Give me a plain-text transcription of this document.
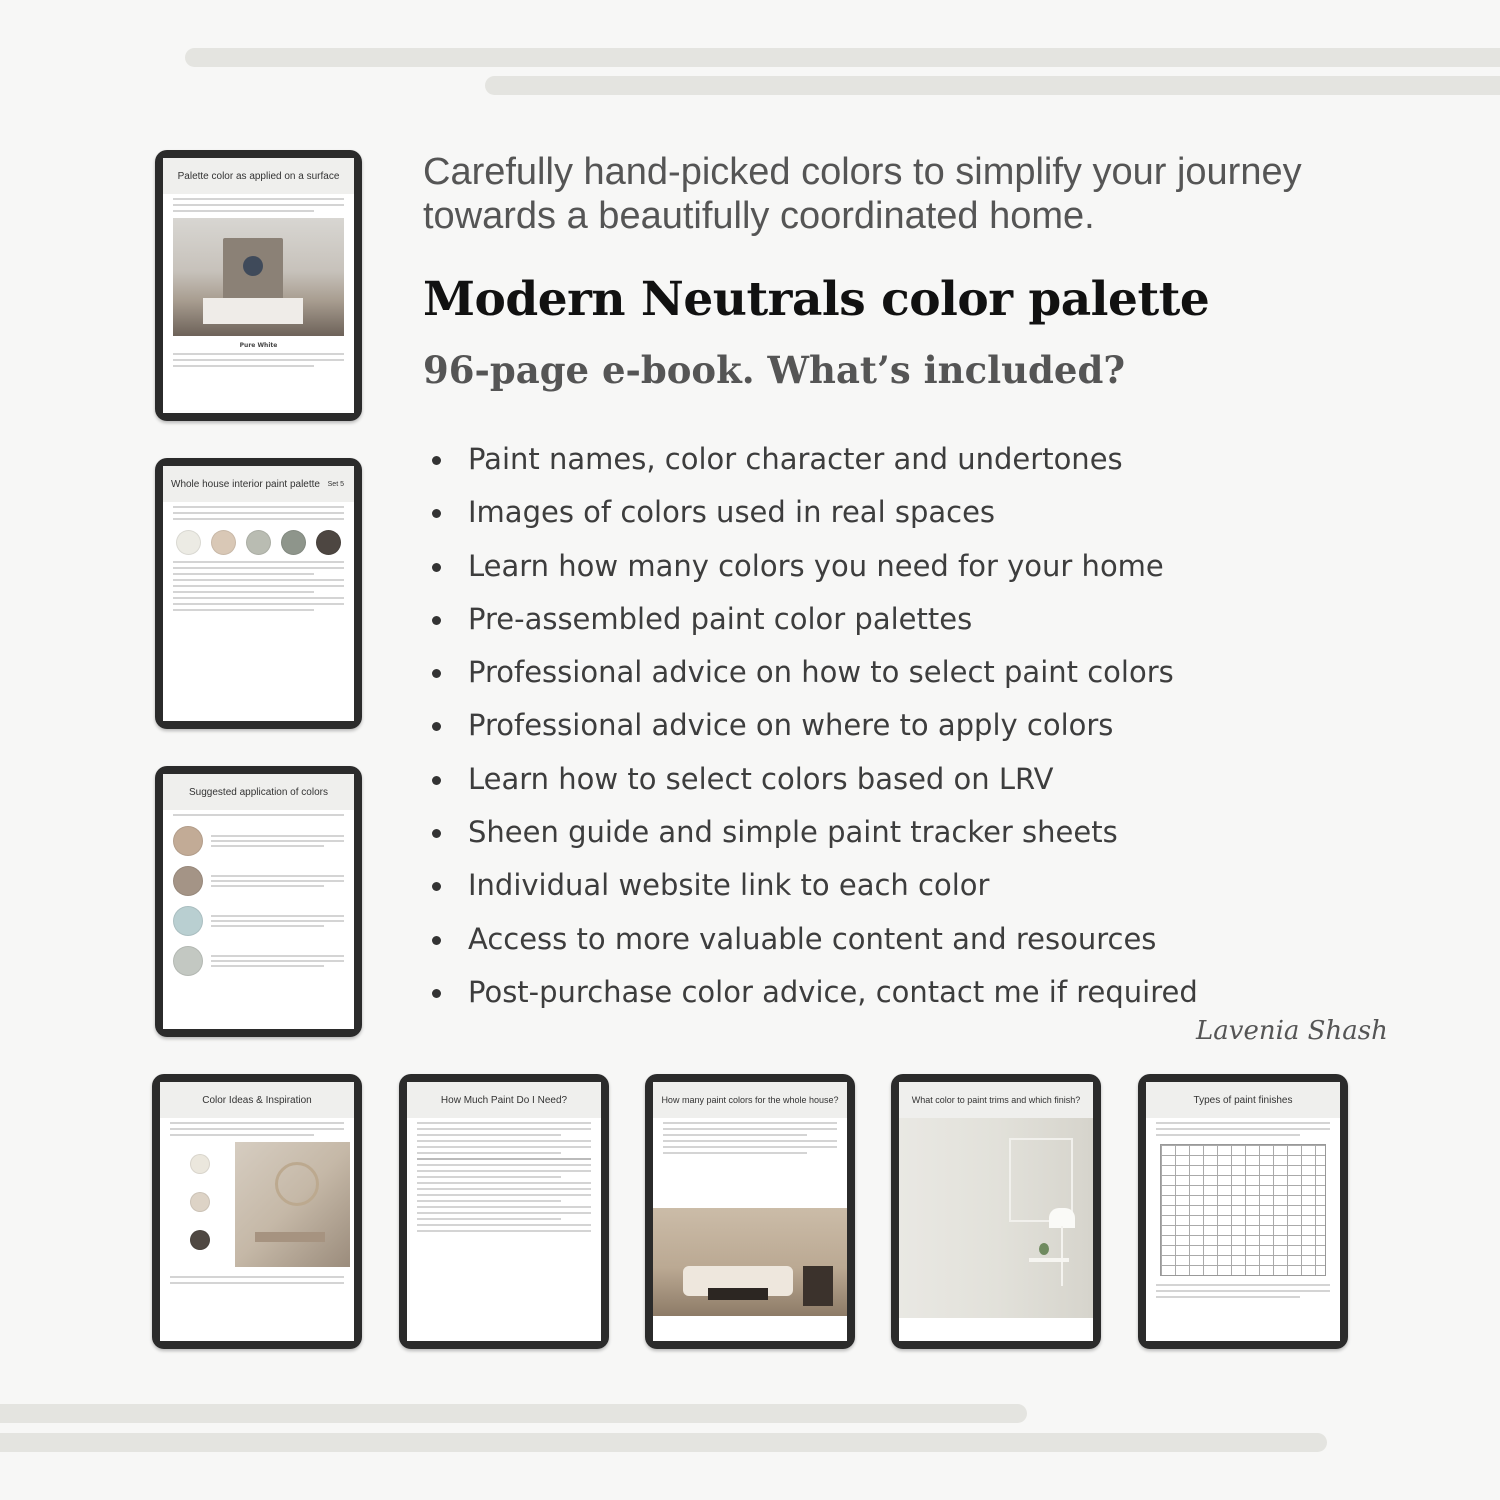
Palette color as applied on a surface
Pure White
Whole house interior paint palette Set 5
Suggested application of colors

Carefully hand-picked colors to simplify your journey towards a beautifully coordinated home.

Modern Neutrals color palette
96-page e-book. What’s included?
Paint names, color character and undertones
Images of colors used in real spaces
Learn how many colors you need for your home
Pre-assembled paint color palettes
Professional advice on how to select paint colors
Professional advice on where to apply colors
Learn how to select colors based on LRV
Sheen guide and simple paint tracker sheets
Individual website link to each color
Access to more valuable content and resources
Post-purchase color advice, contact me if required
Lavenia Shash
Color Ideas & Inspiration	How Much Paint Do I Need?	How many paint colors for the whole house?	What color to paint trims and which finish?	Types of paint finishes
